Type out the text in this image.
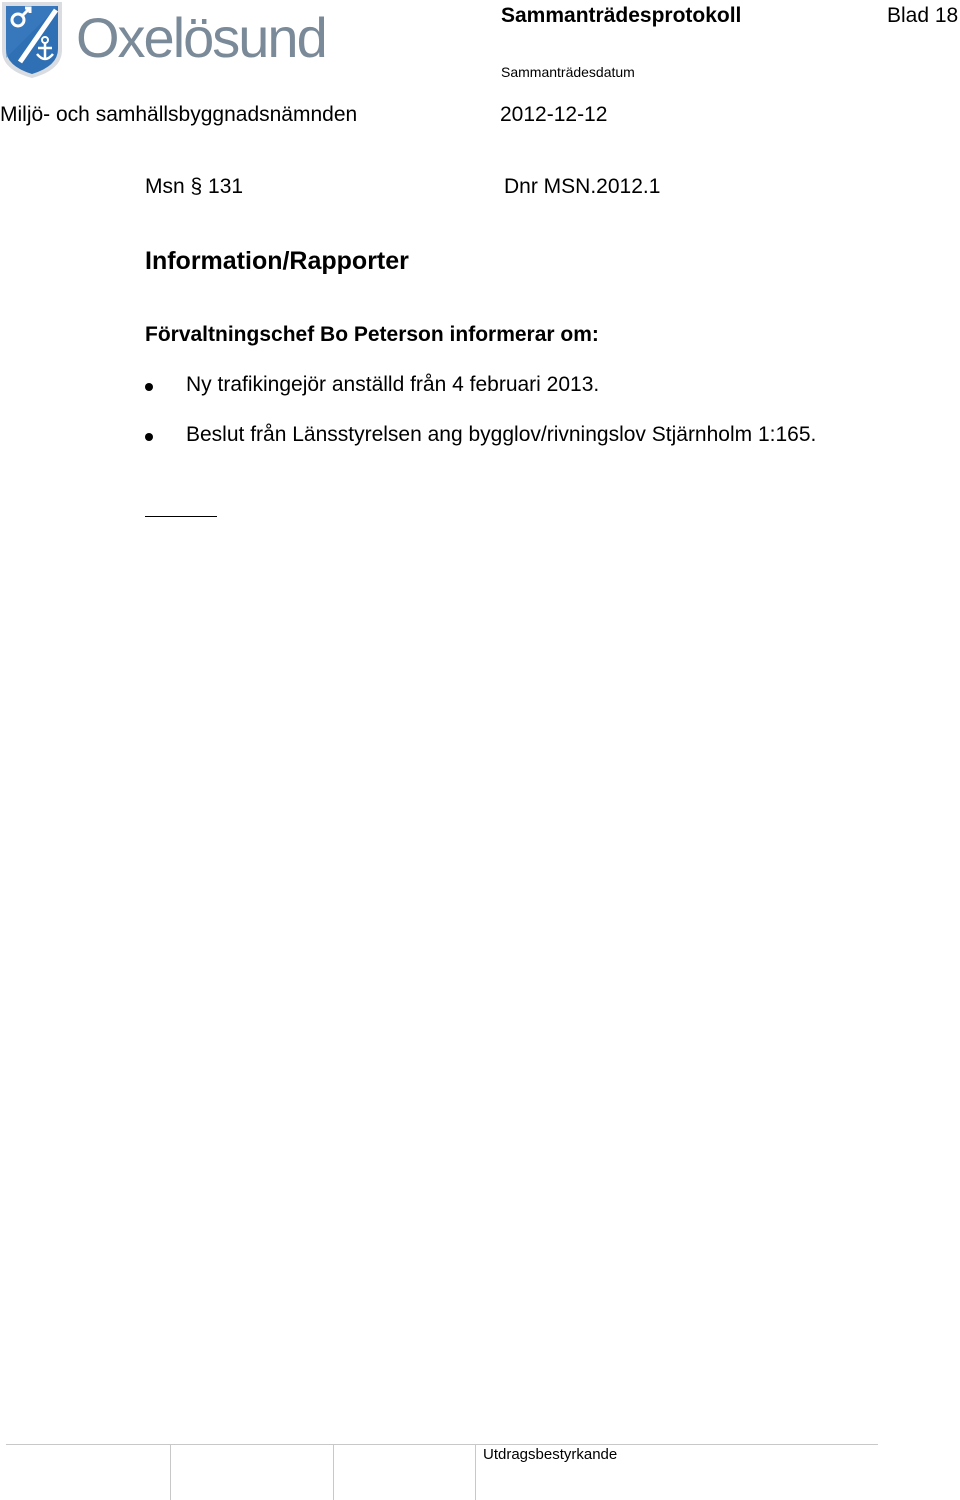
Oxelösund	Sammanträdesprotokoll	Blad 18
Sammanträdesdatum
Miljö- och samhällsbyggnadsnämnden	2012-12-12
Msn § 131	Dnr MSN.2012.1
Information/Rapporter
Förvaltningschef Bo Peterson informerar om:
Ny trafikingejör anställd från 4 februari 2013.
Beslut från Länsstyrelsen ang bygglov/rivningslov Stjärnholm 1:165.
Utdragsbestyrkande
